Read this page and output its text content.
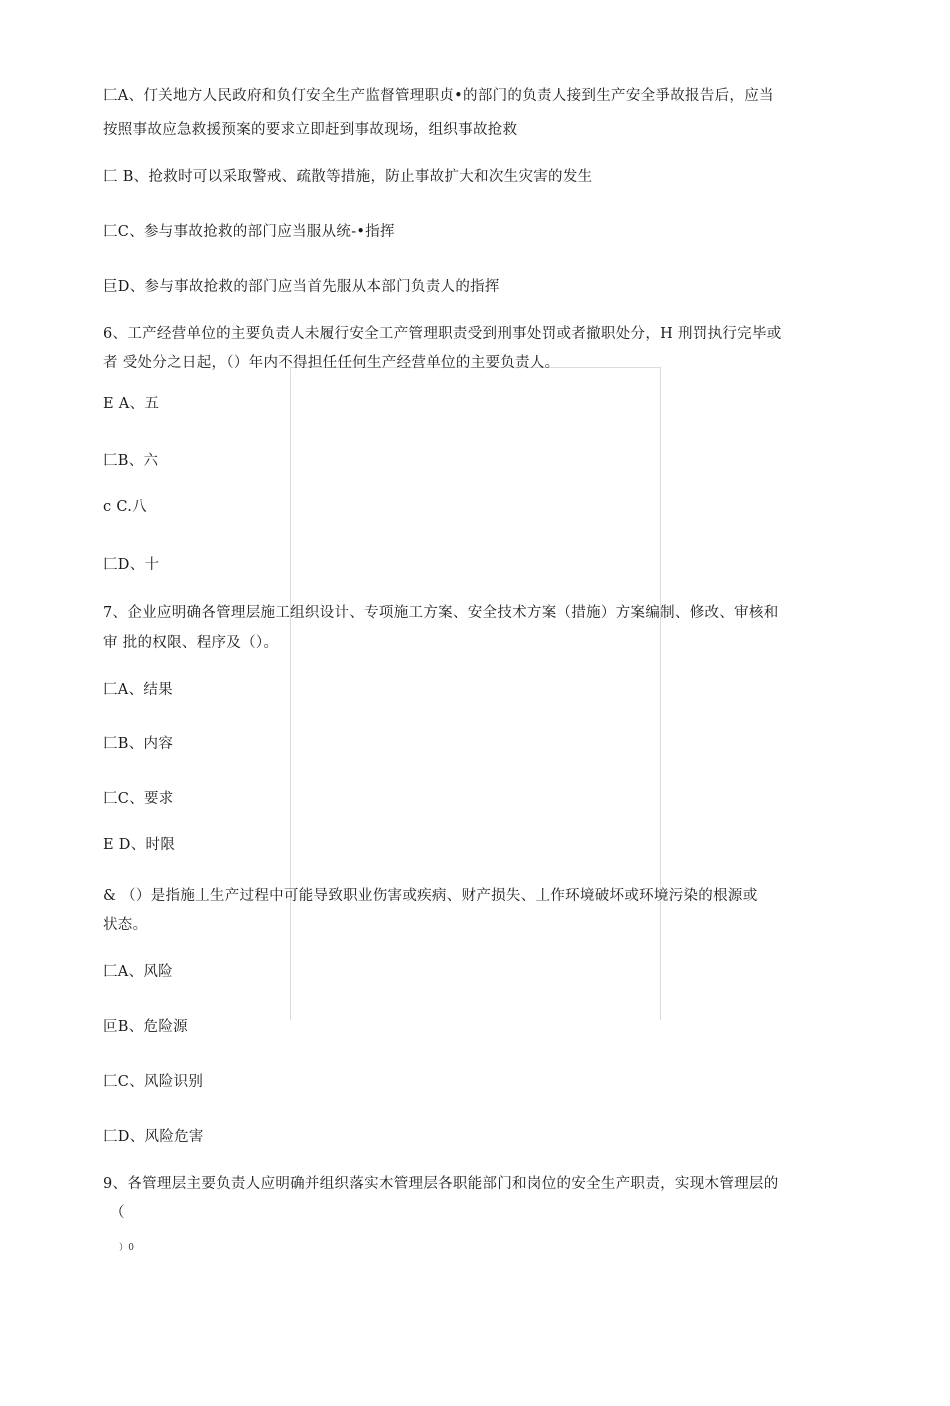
匚A、仃关地方人民政府和负仃安全生产监督管理职贞•的部门的负责人接到生产安全爭故报告后，应当
按照事故应急救援预案的要求立即赶到事故现场，组织事故抢救
匚 B、抢救时可以采取警戒、疏散等措施，防止事故扩大和次生灾害的发生
匚C、参与事故抢救的部门应当服从统-•指挥
巨D、参与事故抢救的部门应当首先服从本部门负责人的指挥
6、工产经营单位的主要负责人未履行安全工产管理职责受到刑事处罚或者撤职处分，H 刑罚执行完毕或
者 受处分之日起，（）年内不得担任任何生产经营单位的主要负责人。
E A、五
匚B、六
c C.八
匚D、十
7、企业应明确各管理层施工组织设计、专项施工方案、安全技术方案（措施）方案编制、修改、审核和
审 批的权限、程序及（）。
匚A、结果
匚B、内容
匚C、要求
E D、时限
& （）是指施丄生产过程中可能导致职业伤害或疾病、财产损失、丄作环境破坏或环境污染的根源或
状态。
匚A、风险
叵B、危险源
匚C、风险识别
匚D、风险危害
9、各管理层主要负责人应明确并组织落实木管理层各职能部门和岗位的安全生产职责，实现木管理层的
（
）0
